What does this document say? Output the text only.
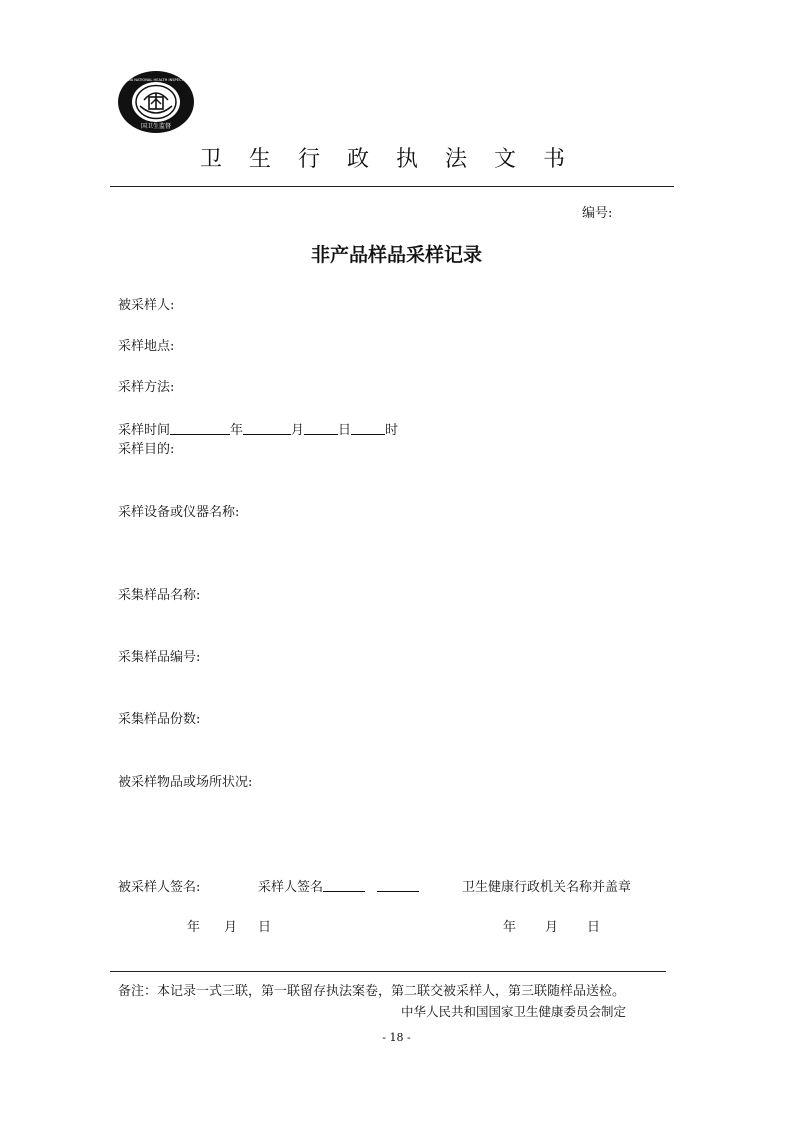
国卫生监督
CHINA NATIONAL HEALTH INSPECTION
卫生行政执法文书
编号:
非产品样品采样记录
被采样人:
采样地点:
采样方法:
采样时间	年	月	日	时
采样目的:
采样设备或仪器名称:
采集样品名称:
采集样品编号:
采集样品份数:
被采样物品或场所状况:
被采样人签名:	采样人签名	卫生健康行政机关名称并盖章
年 月 日	年 月 日
备注：本记录一式三联，第一联留存执法案卷，第二联交被采样人，第三联随样品送检。
中华人民共和国国家卫生健康委员会制定
- 18 -
